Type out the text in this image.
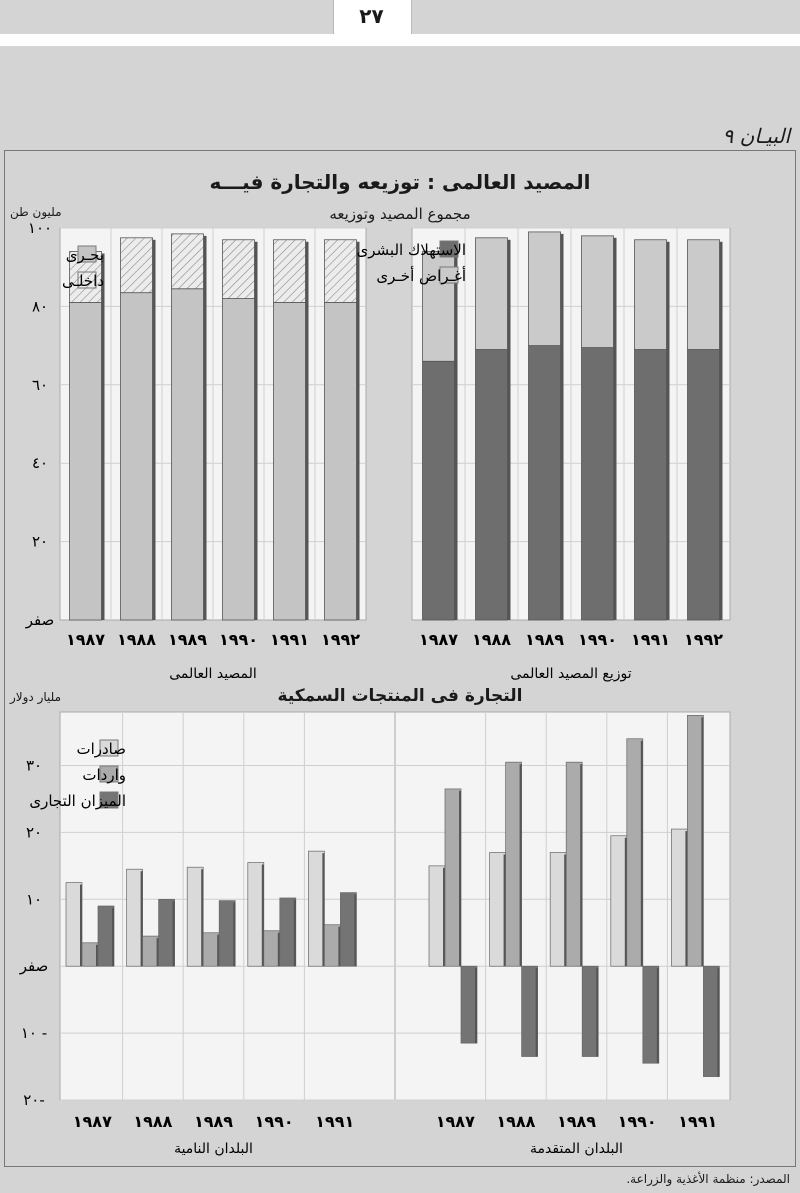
٢٧
البيـان ٩
المصيد العالمى : توزيعه والتجارة فيـــه
مجموع المصيد وتوزيعه
مليون طن
التجارة فى المنتجات السمكية
مليار دولار
١٩٨٧ ١٩٨٨ ١٩٨٩ ١٩٩٠ ١٩٩١ ١٩٩٢
المصيد العالمى
صفر
٢٠
٤٠
٦٠
٨٠
١٠٠
بحـرى
داخلـى
١٩٨٧ ١٩٨٨ ١٩٨٩ ١٩٩٠ ١٩٩١ ١٩٩٢
توزيع المصيد العالمى
الاستهلاك البشرى
أغـراض أخـرى
٢٠-
١٠ -
صفر
١٠
٢٠
٣٠
١٩٨٧ ١٩٨٨ ١٩٨٩ ١٩٩٠ ١٩٩١
البلدان النامية
١٩٨٧ ١٩٨٨ ١٩٨٩ ١٩٩٠ ١٩٩١
البلدان المتقدمة
صادرات
واردات
الميزان التجارى
المصدر: منظمة الأغذية والزراعة.
